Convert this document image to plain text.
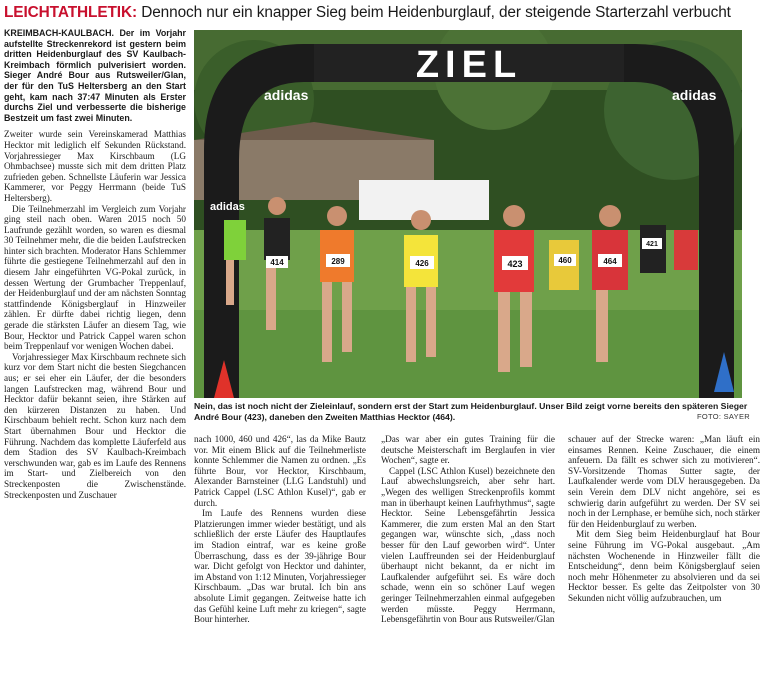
LEICHTATHLETIK: Dennoch nur ein knapper Sieg beim Heidenburglauf, der steigende Starterzahl verbucht

KREIMBACH-KAULBACH. Der im Vorjahr aufstellte Streckenrekord ist gestern beim dritten Heidenburglauf des SV Kaulbach-Kreimbach förmlich pulverisiert worden. Sieger André Bour aus Rutsweiler/Glan, der für den TuS Heltersberg an den Start geht, kam nach 37:47 Minuten als Erster durchs Ziel und verbesserte die bisherige Bestzeit um fast zwei Minuten.

Zweiter wurde sein Vereinskamerad Matthias Hecktor mit lediglich elf Sekunden Rückstand. Vorjahressieger Max Kirschbaum (LG Ohmbachsee) musste sich mit dem dritten Platz zufrieden geben. Schnellste Läuferin war Jessica Kammerer, vor Peggy Herrmann (beide TuS Heltersberg).

Die Teilnehmerzahl im Vergleich zum Vorjahr ging steil nach oben. Waren 2015 noch 50 Laufrunde gezählt worden, so waren es diesmal 30 Teilnehmer mehr, die die beiden Laufstrecken hinter sich brachten. Moderator Hans Schlemmer führte die gestiegene Teilnehmerzahl auf den in diesem Jahr eingeführten VG-Pokal zurück, in dessen Wertung der Grumbacher Treppenlauf, der Heidenburglauf und der am nächsten Sonntag stattfindende Königsberglauf in Hinzweiler zählen. Er dürfte dabei richtig liegen, denn gerade die stärksten Läufer an diesem Tag, wie Bour, Hecktor und Patrick Cappel waren schon beim Treppenlauf vor wenigen Wochen dabei.

Vorjahressieger Max Kirschbaum rechnete sich kurz vor dem Start nicht die besten Siegchancen aus; er sei eher ein Läufer, der die besonders langen Laufstrecken mag, während Bour und Hecktor dafür bekannt seien, ihre Stärken auf den kürzeren Distanzen zu haben. Und Kirschbaum behielt recht. Schon kurz nach dem Start übernahmen Bour und Hecktor die Führung. Nachdem das komplette Läuferfeld aus dem Stadion des SV Kaulbach-Kreimbach verschwunden war, gab es im Laufe des Rennens im Start- und Zielbereich von den Streckenposten die Zwischenstände. Streckenposten und Zuschauer

ZIEL
adidas	adidas
adidas
414	289	426	423	460	464
421
Nein, das ist noch nicht der Zieleinlauf, sondern erst der Start zum Heidenburglauf. Unser Bild zeigt vorne bereits den späteren Sieger André Bour (423), daneben den Zweiten Matthias Hecktor (464).	FOTO: SAYER

nach 1000, 460 und 426“, las da Mike Bautz vor. Mit einem Blick auf die Teilnehmerliste konnte Schlemmer die Namen zu ordnen. „Es führte Bour, vor Hecktor, Kirschbaum, Alexander Barnsteiner (LLG Landstuhl) und Patrick Cappel (LSC Athlon Kusel)“, gab er durch.

Im Laufe des Rennens wurden diese Platzierungen immer wieder bestätigt, und als schließlich der erste Läufer des Hauptlaufes im Stadion eintraf, war es keine große Überraschung, dass es der 39-jährige Bour war. Dicht gefolgt von Hecktor und dahinter, im Abstand von 1:12 Minuten, Vorjahressieger Kirschbaum. „Das war brutal. Ich bin ans absolute Limit gegangen. Zeitweise hatte ich das Gefühl keine Luft mehr zu kriegen“, sagte Bour hinterher.

„Das war aber ein gutes Training für die deutsche Meisterschaft im Berglaufen in vier Wochen“, sagte er.

Cappel (LSC Athlon Kusel) bezeichnete den Lauf abwechslungsreich, aber sehr hart. „Wegen des welligen Streckenprofils kommt man in überhaupt keinen Laufrhythmus“, sagte Hecktor. Seine Lebensgefährtin Jessica Kammerer, die zum ersten Mal an den Start gegangen war, wünschte sich, „dass noch besser für den Lauf geworben wird“. Unter vielen Lauffreunden sei der Heidenburglauf überhaupt nicht bekannt, da er nicht im Laufkalender aufgeführt sei. Es wäre doch schade, wenn ein so schöner Lauf wegen geringer Teilnehmerzahlen einmal aufgegeben werden müsste. Peggy Herrmann, Lebensgefährtin von Bour aus Rutsweiler/Glan

schauer auf der Strecke waren: „Man läuft ein einsames Rennen. Keine Zuschauer, die einem anfeuern. Da fällt es schwer sich zu motivieren“. SV-Vorsitzende Thomas Sutter sagte, der Laufkalender werde vom DLV herausgegeben. Da sein Verein dem DLV nicht angehöre, sei es schwierig darin aufgeführt zu werden. Der SV sei noch in der Lernphase, er bemühe sich, noch stärker für den Heidenburglauf zu werben.

Mit dem Sieg beim Heidenburglauf hat Bour seine Führung im VG-Pokal ausgebaut. „Am nächsten Wochenende in Hinzweiler fällt die Entscheidung“, denn beim Königsberglauf seien noch mehr Höhenmeter zu absolvieren und da sei Hecktor besser. Es gelte das Zeitpolster von 30 Sekunden nicht völlig aufzubrauchen, um
